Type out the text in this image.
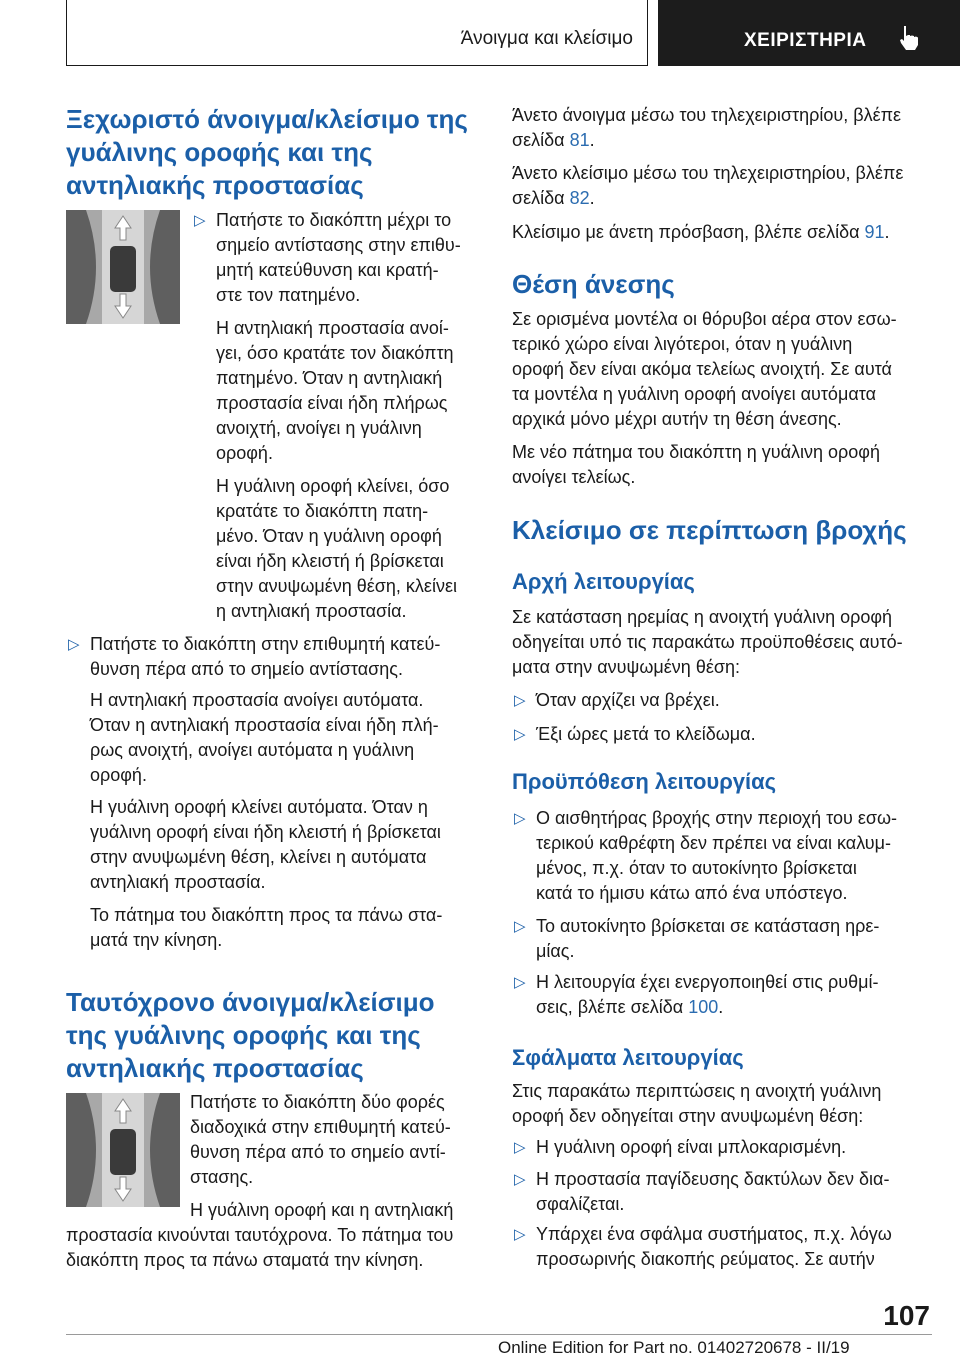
Άνοιγμα και κλείσιμο	ΧΕΙΡΙΣΤΗΡΙΑ
Ξεχωριστό άνοιγμα/κλείσιμο της
γυάλινης οροφής και της
αντηλιακής προστασίας
▷ Πατήστε το διακόπτη μέχρι το
σημείο αντίστασης στην επιθυ‐
μητή κατεύθυνση και κρατή‐
στε τον πατημένο.
Η αντηλιακή προστασία ανοί‐
γει, όσο κρατάτε τον διακόπτη
πατημένο. Όταν η αντηλιακή
προστασία είναι ήδη πλήρως
ανοιχτή, ανοίγει η γυάλινη
οροφή.
Η γυάλινη οροφή κλείνει, όσο
κρατάτε το διακόπτη πατη‐
μένο. Όταν η γυάλινη οροφή
είναι ήδη κλειστή ή βρίσκεται
στην ανυψωμένη θέση, κλείνει
η αντηλιακή προστασία.
▷ Πατήστε το διακόπτη στην επιθυμητή κατεύ‐
θυνση πέρα από το σημείο αντίστασης.
Η αντηλιακή προστασία ανοίγει αυτόματα.
Όταν η αντηλιακή προστασία είναι ήδη πλή‐
ρως ανοιχτή, ανοίγει αυτόματα η γυάλινη
οροφή.
Η γυάλινη οροφή κλείνει αυτόματα. Όταν η
γυάλινη οροφή είναι ήδη κλειστή ή βρίσκεται
στην ανυψωμένη θέση, κλείνει η αυτόματα
αντηλιακή προστασία.
Το πάτημα του διακόπτη προς τα πάνω στα‐
ματά την κίνηση.
Ταυτόχρονο άνοιγμα/κλείσιμο
της γυάλινης οροφής και της
αντηλιακής προστασίας
Πατήστε το διακόπτη δύο φορές
διαδοχικά στην επιθυμητή κατεύ‐
θυνση πέρα από το σημείο αντί‐
στασης.
Η γυάλινη οροφή και η αντηλιακή
προστασία κινούνται ταυτόχρονα. Το πάτημα του
διακόπτη προς τα πάνω σταματά την κίνηση.
Άνετο άνοιγμα μέσω του τηλεχειριστηρίου, βλέπε
σελίδα 81.
Άνετο κλείσιμο μέσω του τηλεχειριστηρίου, βλέπε
σελίδα 82.
Κλείσιμο με άνετη πρόσβαση, βλέπε σελίδα 91.
Θέση άνεσης
Σε ορισμένα μοντέλα οι θόρυβοι αέρα στον εσω‐
τερικό χώρο είναι λιγότεροι, όταν η γυάλινη
οροφή δεν είναι ακόμα τελείως ανοιχτή. Σε αυτά
τα μοντέλα η γυάλινη οροφή ανοίγει αυτόματα
αρχικά μόνο μέχρι αυτήν τη θέση άνεσης.
Με νέο πάτημα του διακόπτη η γυάλινη οροφή
ανοίγει τελείως.
Κλείσιμο σε περίπτωση βροχής
Αρχή λειτουργίας
Σε κατάσταση ηρεμίας η ανοιχτή γυάλινη οροφή
οδηγείται υπό τις παρακάτω προϋποθέσεις αυτό‐
ματα στην ανυψωμένη θέση:
▷ Όταν αρχίζει να βρέχει.
▷ Έξι ώρες μετά το κλείδωμα.
Προϋπόθεση λειτουργίας
▷ Ο αισθητήρας βροχής στην περιοχή του εσω‐
τερικού καθρέφτη δεν πρέπει να είναι καλυμ‐
μένος, π.χ. όταν το αυτοκίνητο βρίσκεται
κατά το ήμισυ κάτω από ένα υπόστεγο.
▷ Το αυτοκίνητο βρίσκεται σε κατάσταση ηρε‐
μίας.
▷ Η λειτουργία έχει ενεργοποιηθεί στις ρυθμί‐
σεις, βλέπε σελίδα 100.
Σφάλματα λειτουργίας
Στις παρακάτω περιπτώσεις η ανοιχτή γυάλινη
οροφή δεν οδηγείται στην ανυψωμένη θέση:
▷ Η γυάλινη οροφή είναι μπλοκαρισμένη.
▷ Η προστασία παγίδευσης δακτύλων δεν δια‐
σφαλίζεται.
▷ Υπάρχει ένα σφάλμα συστήματος, π.χ. λόγω
προσωρινής διακοπής ρεύματος. Σε αυτήν
107
Online Edition for Part no. 01402720678 - II/19
